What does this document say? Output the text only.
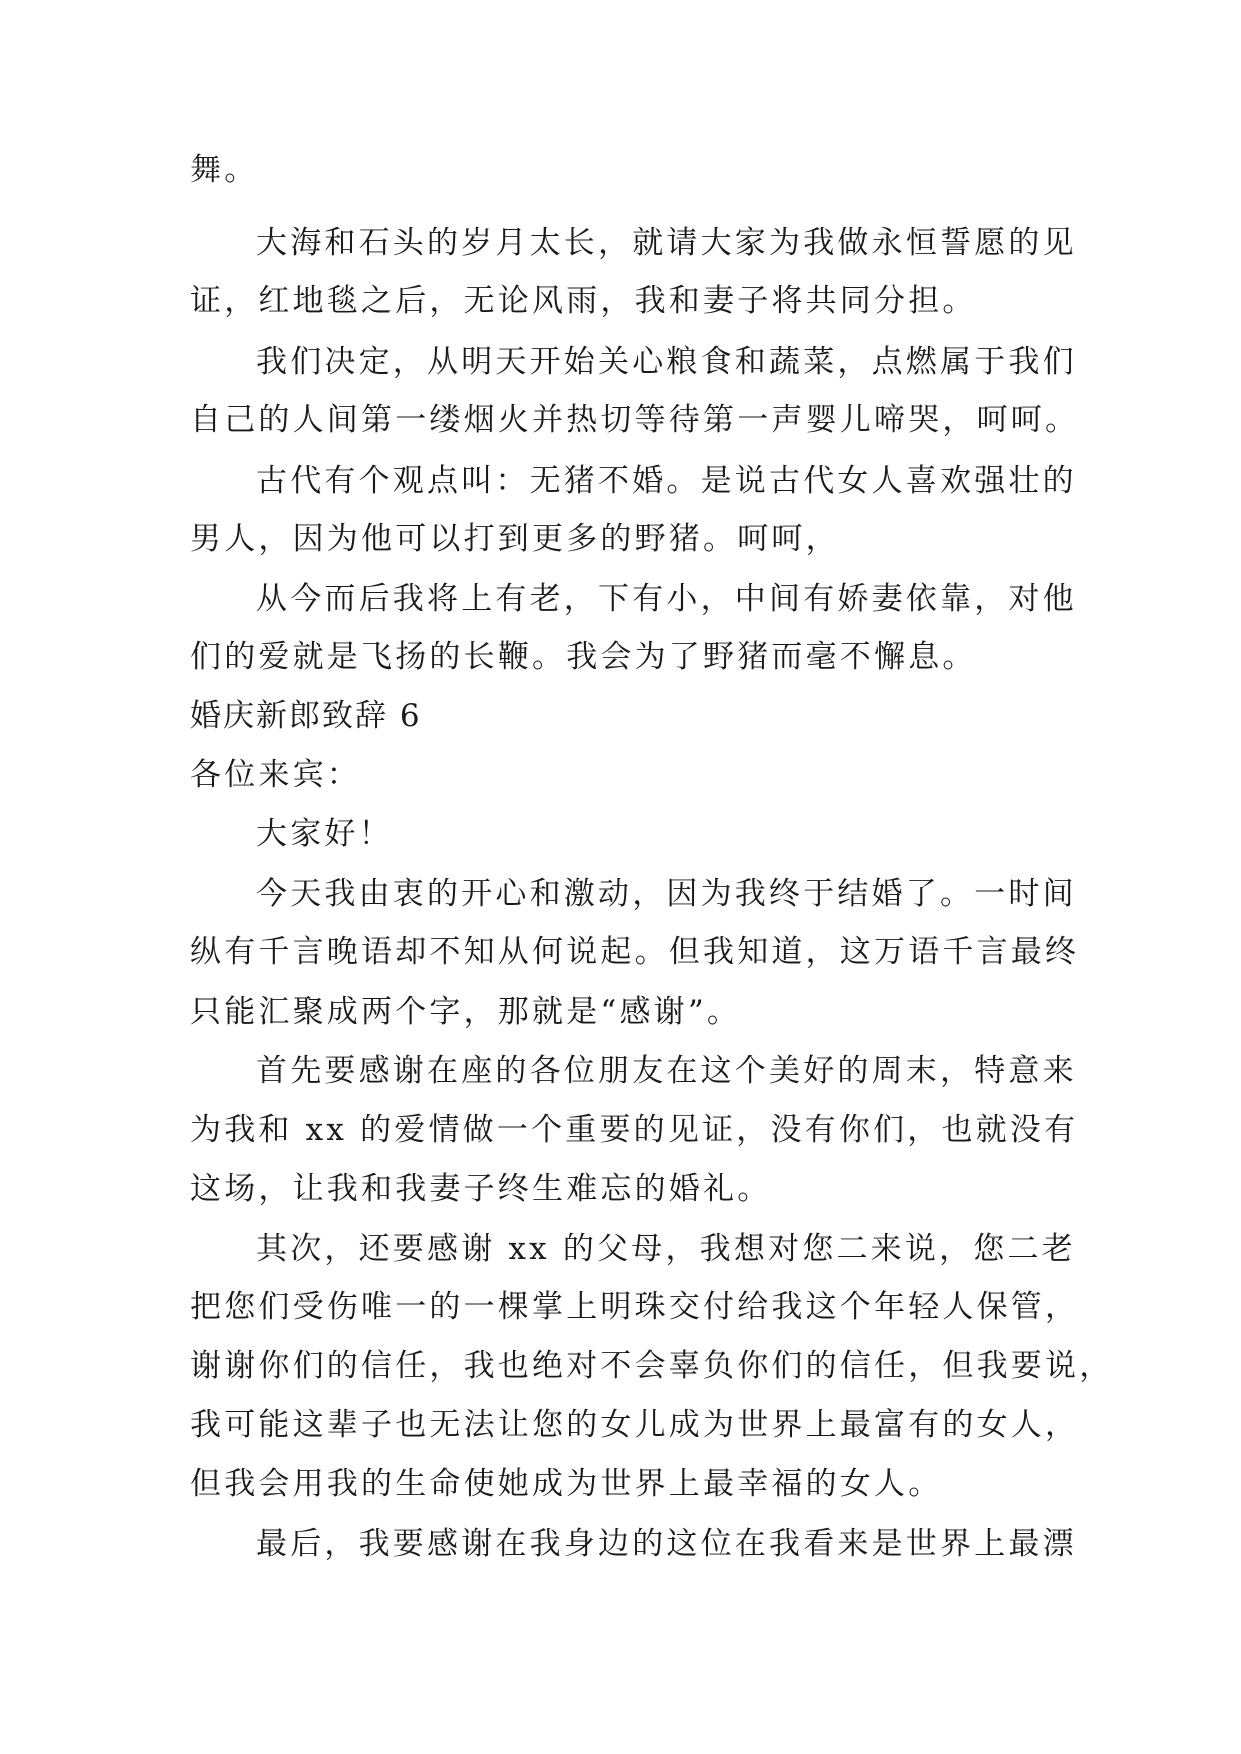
舞。
大海和石头的岁月太长，就请大家为我做永恒誓愿的见
证，红地毯之后，无论风雨，我和妻子将共同分担。
我们决定，从明天开始关心粮食和蔬菜，点燃属于我们
自己的人间第一缕烟火并热切等待第一声婴儿啼哭，呵呵。
古代有个观点叫：无猪不婚。是说古代女人喜欢强壮的
男人，因为他可以打到更多的野猪。呵呵，
从今而后我将上有老，下有小，中间有娇妻依靠，对他
们的爱就是飞扬的长鞭。我会为了野猪而毫不懈息。
婚庆新郎致辞 6
各位来宾：
大家好！
今天我由衷的开心和激动，因为我终于结婚了。一时间
纵有千言晚语却不知从何说起。但我知道，这万语千言最终
只能汇聚成两个字，那就是“感谢”。
首先要感谢在座的各位朋友在这个美好的周末，特意来
为我和 xx 的爱情做一个重要的见证，没有你们，也就没有
这场，让我和我妻子终生难忘的婚礼。
其次，还要感谢 xx 的父母，我想对您二来说，您二老
把您们受伤唯一的一棵掌上明珠交付给我这个年轻人保管，
谢谢你们的信任，我也绝对不会辜负你们的信任，但我要说，
我可能这辈子也无法让您的女儿成为世界上最富有的女人，
但我会用我的生命使她成为世界上最幸福的女人。
最后，我要感谢在我身边的这位在我看来是世界上最漂
